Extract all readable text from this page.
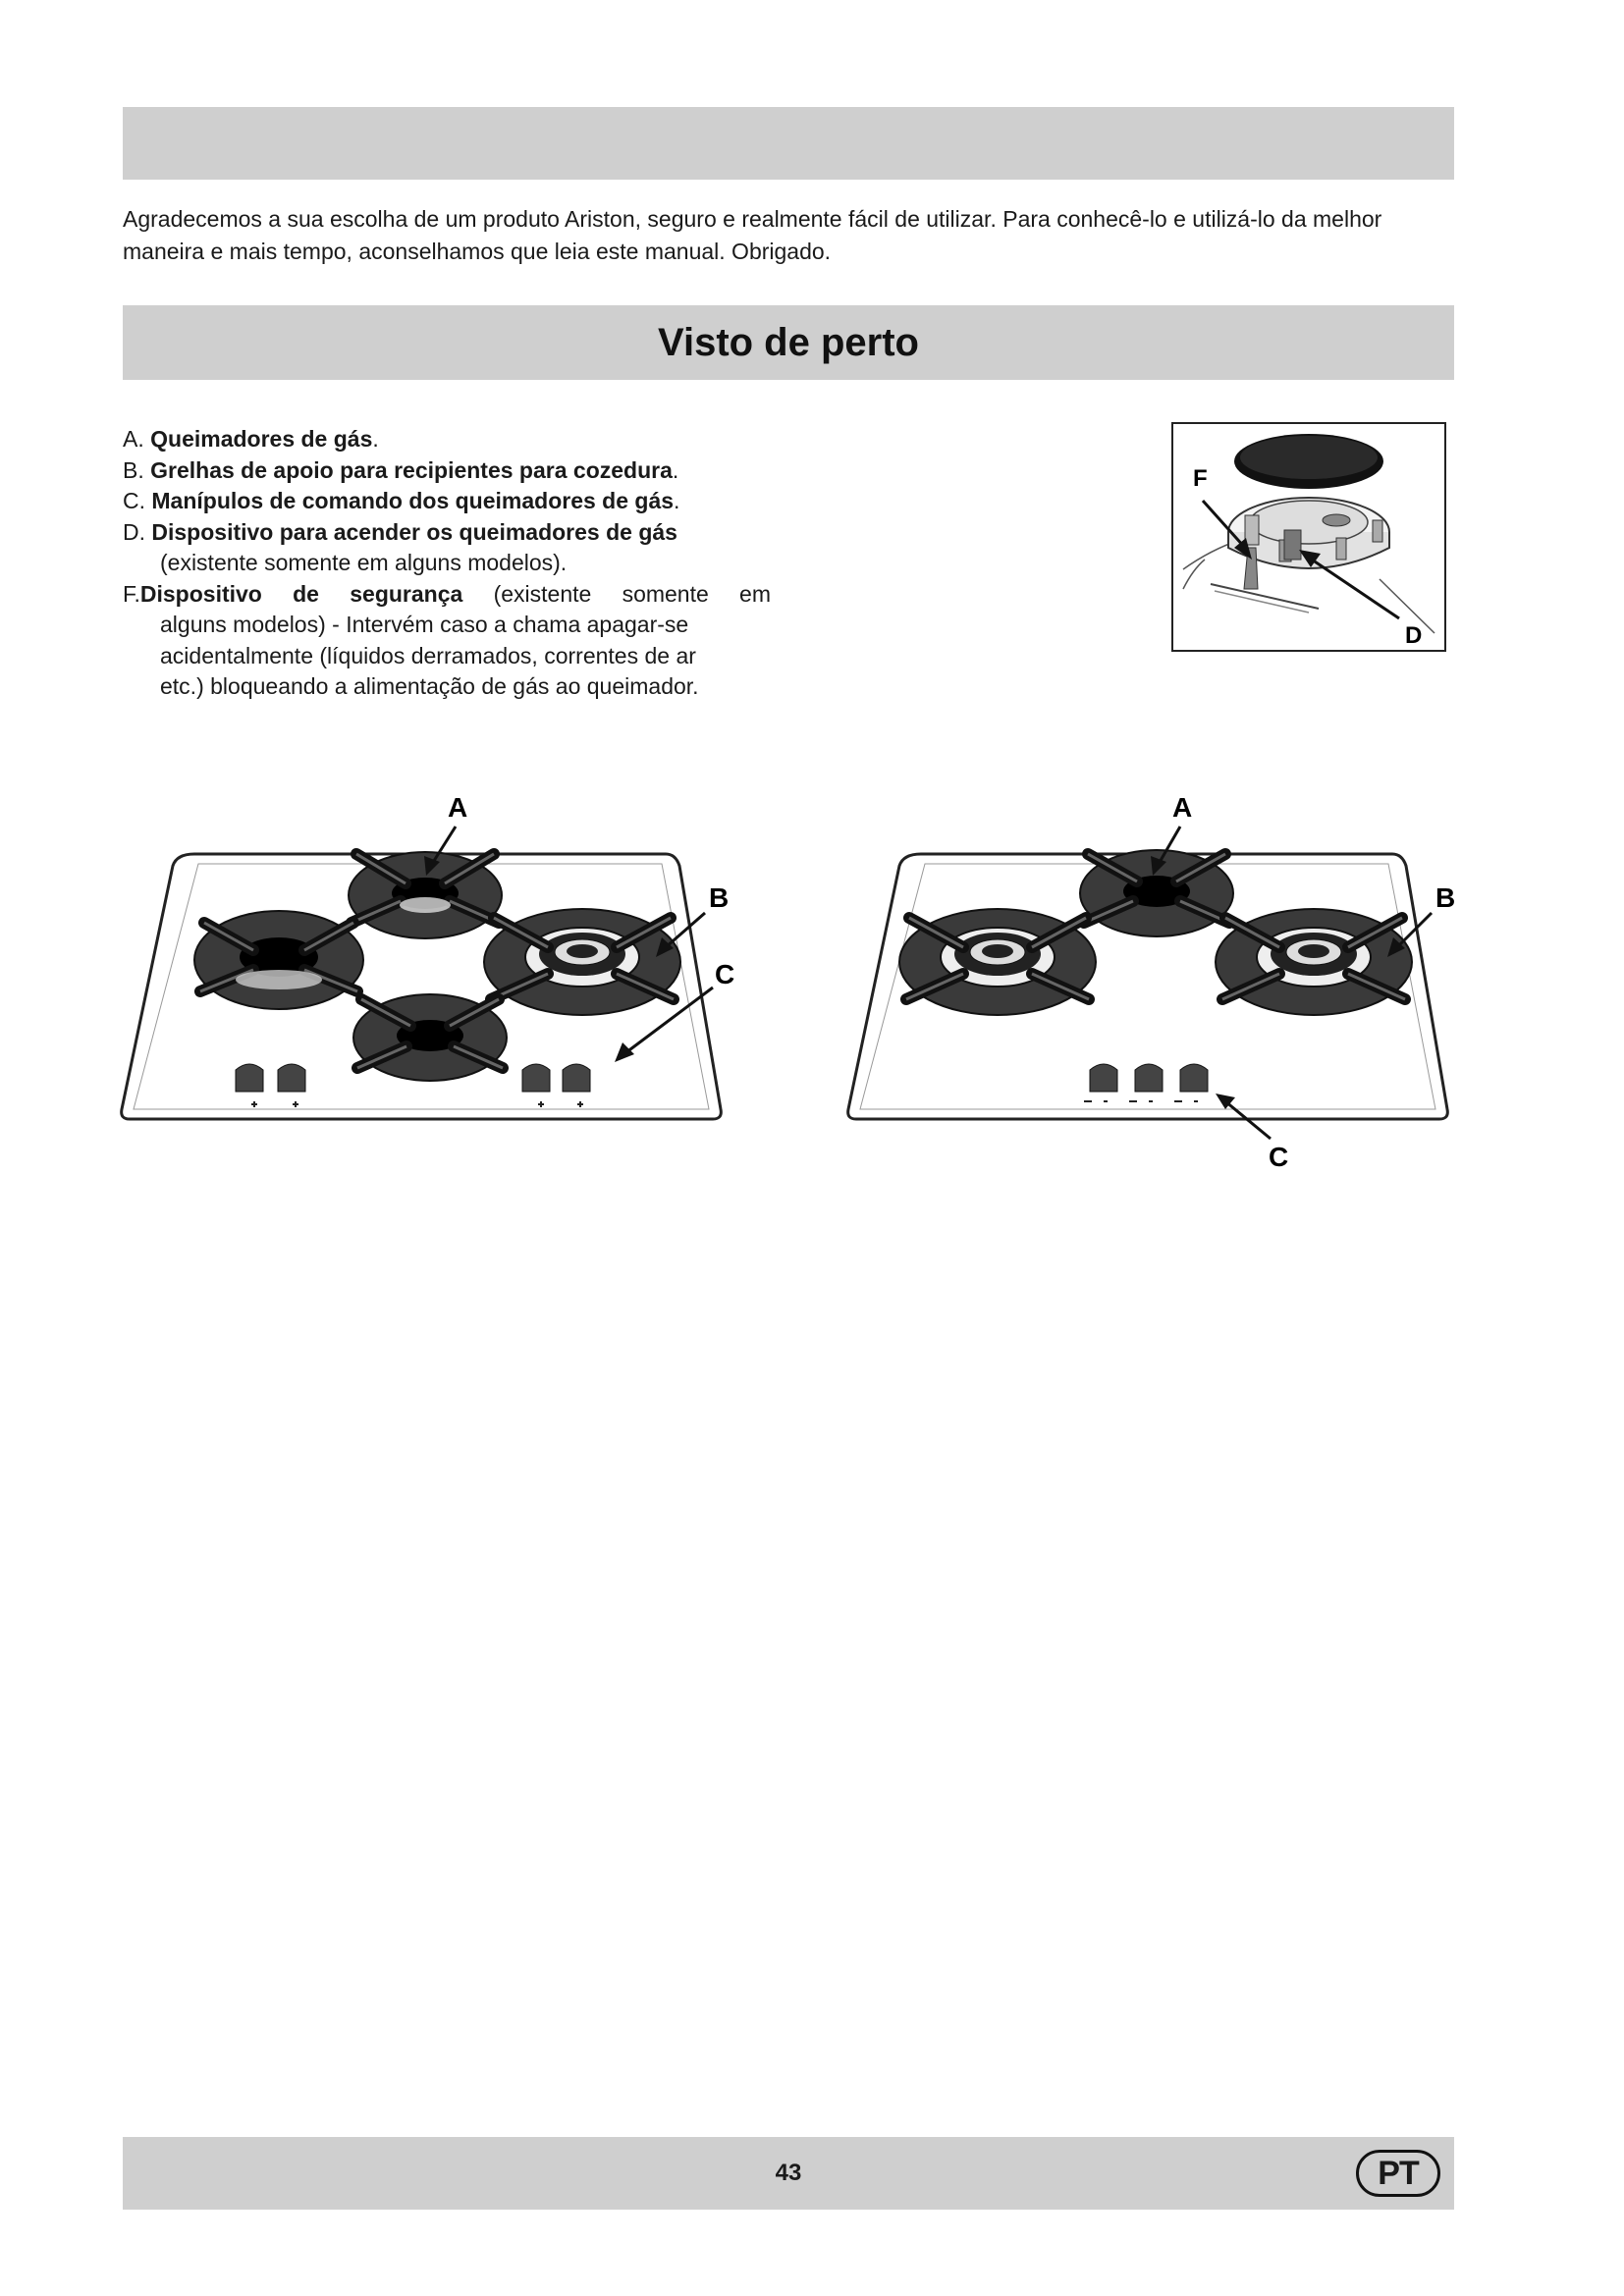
Agradecemos a sua escolha de um produto Ariston, seguro e realmente fácil de utilizar. Para conhecê-lo e utilizá-lo da melhor maneira e mais tempo, aconselhamos que leia este manual. Obrigado.

Visto de perto
A. Queimadores de gás.
B. Grelhas de apoio para recipientes para cozedura.
C. Manípulos de comando dos queimadores de gás.
D. Dispositivo para acender os queimadores de gás
(existente somente em alguns modelos).
F.Dispositivo de segurança (existente somente em
alguns modelos) - Intervém caso a chama apagar-se
acidentalmente (líquidos derramados, correntes de ar
etc.) bloqueando a alimentação de gás ao queimador.
F
D
A
B
C
A
B
C
43	PT
